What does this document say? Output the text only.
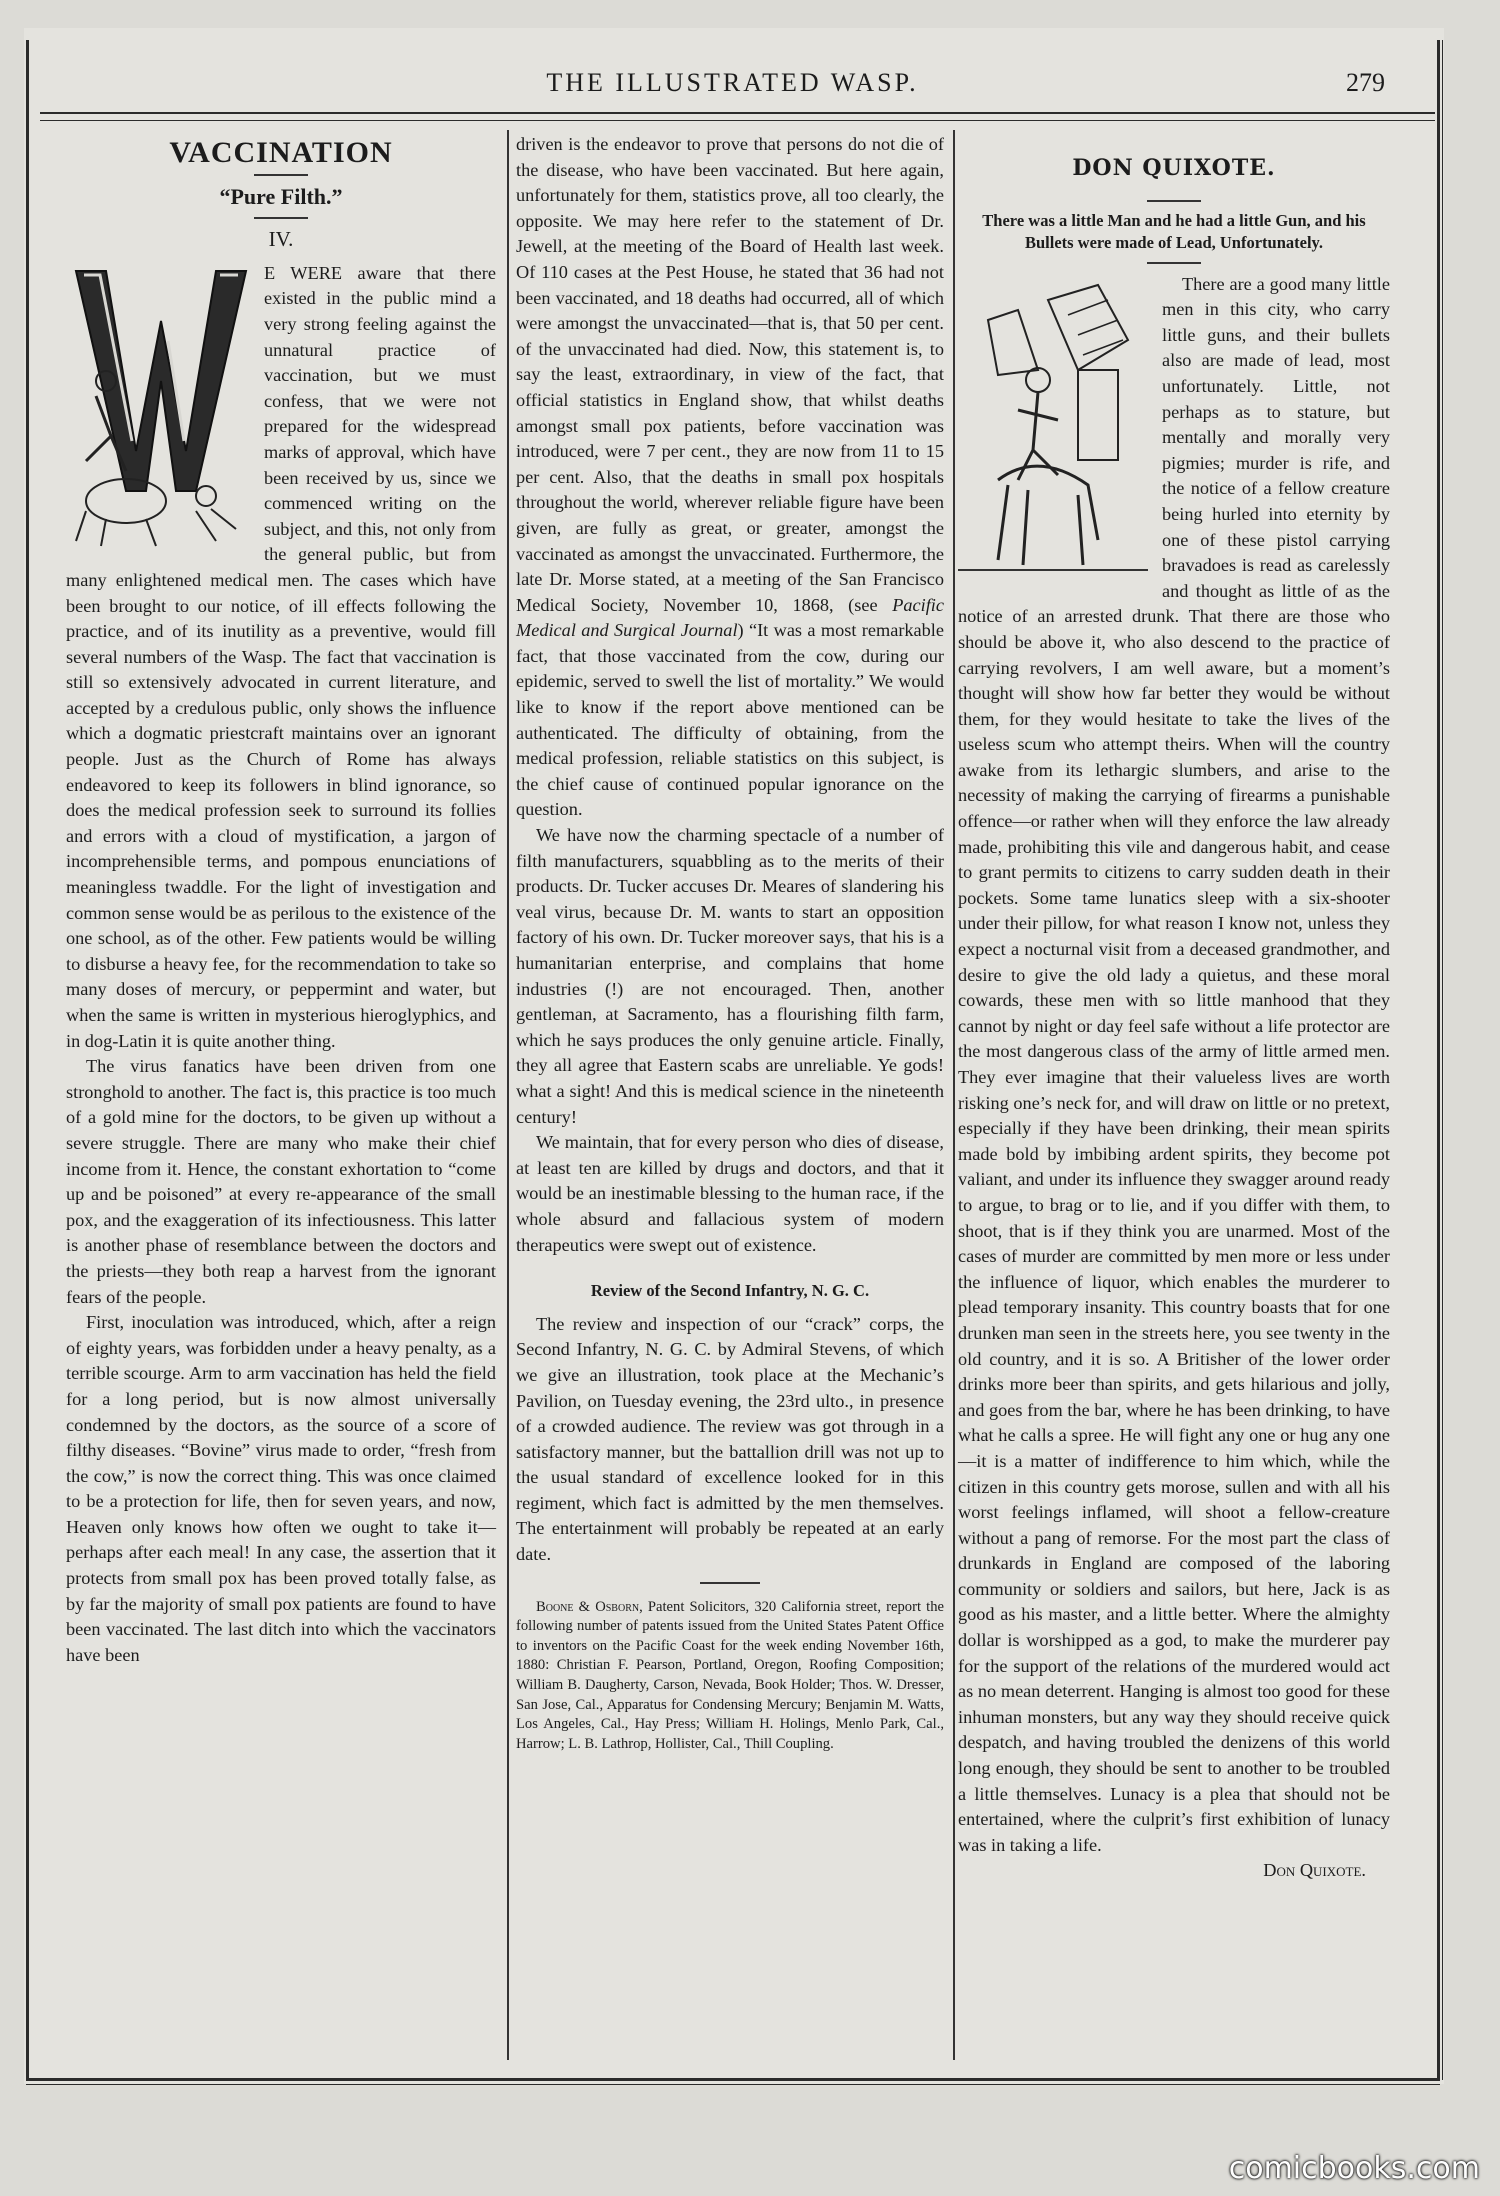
THE ILLUSTRATED WASP.	279
VACCINATION
“Pure Filth.”
IV.

E WERE aware that there existed in the public mind a very strong feeling against the unnatural practice of vaccination, but we must confess, that we were not prepared for the widespread marks of approval, which have been received by us, since we commenced writing on the subject, and this, not only from the general public, but from many enlightened medical men. The cases which have been brought to our notice, of ill effects following the practice, and of its inutility as a preventive, would fill several numbers of the Wasp. The fact that vaccination is still so extensively advocated in current literature, and accepted by a credulous public, only shows the influence which a dogmatic priestcraft maintains over an ignorant people. Just as the Church of Rome has always endeavored to keep its followers in blind ignorance, so does the medical profession seek to surround its follies and errors with a cloud of mystification, a jargon of incomprehensible terms, and pompous enunciations of meaningless twaddle. For the light of investigation and common sense would be as perilous to the existence of the one school, as of the other. Few patients would be willing to disburse a heavy fee, for the recommendation to take so many doses of mercury, or peppermint and water, but when the same is written in mysterious hieroglyphics, and in dog-Latin it is quite another thing.

The virus fanatics have been driven from one stronghold to another. The fact is, this practice is too much of a gold mine for the doctors, to be given up without a severe struggle. There are many who make their chief income from it. Hence, the constant exhortation to “come up and be poisoned” at every re-appearance of the small pox, and the exaggeration of its infectiousness. This latter is another phase of resemblance between the doctors and the priests—they both reap a harvest from the ignorant fears of the people.

First, inoculation was introduced, which, after a reign of eighty years, was forbidden under a heavy penalty, as a terrible scourge. Arm to arm vaccination has held the field for a long period, but is now almost universally condemned by the doctors, as the source of a score of filthy diseases. “Bovine” virus made to order, “fresh from the cow,” is now the correct thing. This was once claimed to be a protection for life, then for seven years, and now, Heaven only knows how often we ought to take it—perhaps after each meal! In any case, the assertion that it protects from small pox has been proved totally false, as by far the majority of small pox patients are found to have been vaccinated. The last ditch into which the vaccinators have been

driven is the endeavor to prove that persons do not die of the disease, who have been vaccinated. But here again, unfortunately for them, statistics prove, all too clearly, the opposite. We may here refer to the statement of Dr. Jewell, at the meeting of the Board of Health last week. Of 110 cases at the Pest House, he stated that 36 had not been vaccinated, and 18 deaths had occurred, all of which were amongst the unvaccinated—that is, that 50 per cent. of the unvaccinated had died. Now, this statement is, to say the least, extraordinary, in view of the fact, that official statistics in England show, that whilst deaths amongst small pox patients, before vaccination was introduced, were 7 per cent., they are now from 11 to 15 per cent. Also, that the deaths in small pox hospitals throughout the world, wherever reliable figure have been given, are fully as great, or greater, amongst the vaccinated as amongst the unvaccinated. Furthermore, the late Dr. Morse stated, at a meeting of the San Francisco Medical Society, November 10, 1868, (see Pacific Medical and Surgical Journal) “It was a most remarkable fact, that those vaccinated from the cow, during our epidemic, served to swell the list of mortality.” We would like to know if the report above mentioned can be authenticated. The difficulty of obtaining, from the medical profession, reliable statistics on this subject, is the chief cause of continued popular ignorance on the question.

We have now the charming spectacle of a number of filth manufacturers, squabbling as to the merits of their products. Dr. Tucker accuses Dr. Meares of slandering his veal virus, because Dr. M. wants to start an opposition factory of his own. Dr. Tucker moreover says, that his is a humanitarian enterprise, and complains that home industries (!) are not encouraged. Then, another gentleman, at Sacramento, has a flourishing filth farm, which he says produces the only genuine article. Finally, they all agree that Eastern scabs are unreliable. Ye gods! what a sight! And this is medical science in the nineteenth century!

We maintain, that for every person who dies of disease, at least ten are killed by drugs and doctors, and that it would be an inestimable blessing to the human race, if the whole absurd and fallacious system of modern therapeutics were swept out of existence.

Review of the Second Infantry, N. G. C.

The review and inspection of our “crack” corps, the Second Infantry, N. G. C. by Admiral Stevens, of which we give an illustration, took place at the Mechanic’s Pavilion, on Tuesday evening, the 23rd ulto., in presence of a crowded audience. The review was got through in a satisfactory manner, but the battallion drill was not up to the usual standard of excellence looked for in this regiment, which fact is admitted by the men themselves. The entertainment will probably be repeated at an early date.

Boone & Osborn, Patent Solicitors, 320 California street, report the following number of patents issued from the United States Patent Office to inventors on the Pacific Coast for the week ending November 16th, 1880: Christian F. Pearson, Portland, Oregon, Roofing Composition; William B. Daugherty, Carson, Nevada, Book Holder; Thos. W. Dresser, San Jose, Cal., Apparatus for Condensing Mercury; Benjamin M. Watts, Los Angeles, Cal., Hay Press; William H. Holings, Menlo Park, Cal., Harrow; L. B. Lathrop, Hollister, Cal., Thill Coupling.

DON QUIXOTE.
There was a little Man and he had a little Gun, and his Bullets were made of Lead, Unfortunately.

There are a good many little men in this city, who carry little guns, and their bullets also are made of lead, most unfortunately. Little, not perhaps as to stature, but mentally and morally very pigmies; murder is rife, and the notice of a fellow creature being hurled into eternity by one of these pistol carrying bravadoes is read as carelessly and thought as little of as the notice of an arrested drunk. That there are those who should be above it, who also descend to the practice of carrying revolvers, I am well aware, but a moment’s thought will show how far better they would be without them, for they would hesitate to take the lives of the useless scum who attempt theirs. When will the country awake from its lethargic slumbers, and arise to the necessity of making the carrying of firearms a punishable offence—or rather when will they enforce the law already made, prohibiting this vile and dangerous habit, and cease to grant permits to citizens to carry sudden death in their pockets. Some tame lunatics sleep with a six-shooter under their pillow, for what reason I know not, unless they expect a nocturnal visit from a deceased grandmother, and desire to give the old lady a quietus, and these moral cowards, these men with so little manhood that they cannot by night or day feel safe without a life protector are the most dangerous class of the army of little armed men. They ever imagine that their valueless lives are worth risking one’s neck for, and will draw on little or no pretext, especially if they have been drinking, their mean spirits made bold by imbibing ardent spirits, they become pot valiant, and under its influence they swagger around ready to argue, to brag or to lie, and if you differ with them, to shoot, that is if they think you are unarmed. Most of the cases of murder are committed by men more or less under the influence of liquor, which enables the murderer to plead temporary insanity. This country boasts that for one drunken man seen in the streets here, you see twenty in the old country, and it is so. A Britisher of the lower order drinks more beer than spirits, and gets hilarious and jolly, and goes from the bar, where he has been drinking, to have what he calls a spree. He will fight any one or hug any one—it is a matter of indifference to him which, while the citizen in this country gets morose, sullen and with all his worst feelings inflamed, will shoot a fellow-creature without a pang of remorse. For the most part the class of drunkards in England are composed of the laboring community or soldiers and sailors, but here, Jack is as good as his master, and a little better. Where the almighty dollar is worshipped as a god, to make the murderer pay for the support of the relations of the murdered would act as no mean deterrent. Hanging is almost too good for these inhuman monsters, but any way they should receive quick despatch, and having troubled the denizens of this world long enough, they should be sent to another to be troubled a little themselves. Lunacy is a plea that should not be entertained, where the culprit’s first exhibition of lunacy was in taking a life.

Don Quixote.
comicbooks.com
